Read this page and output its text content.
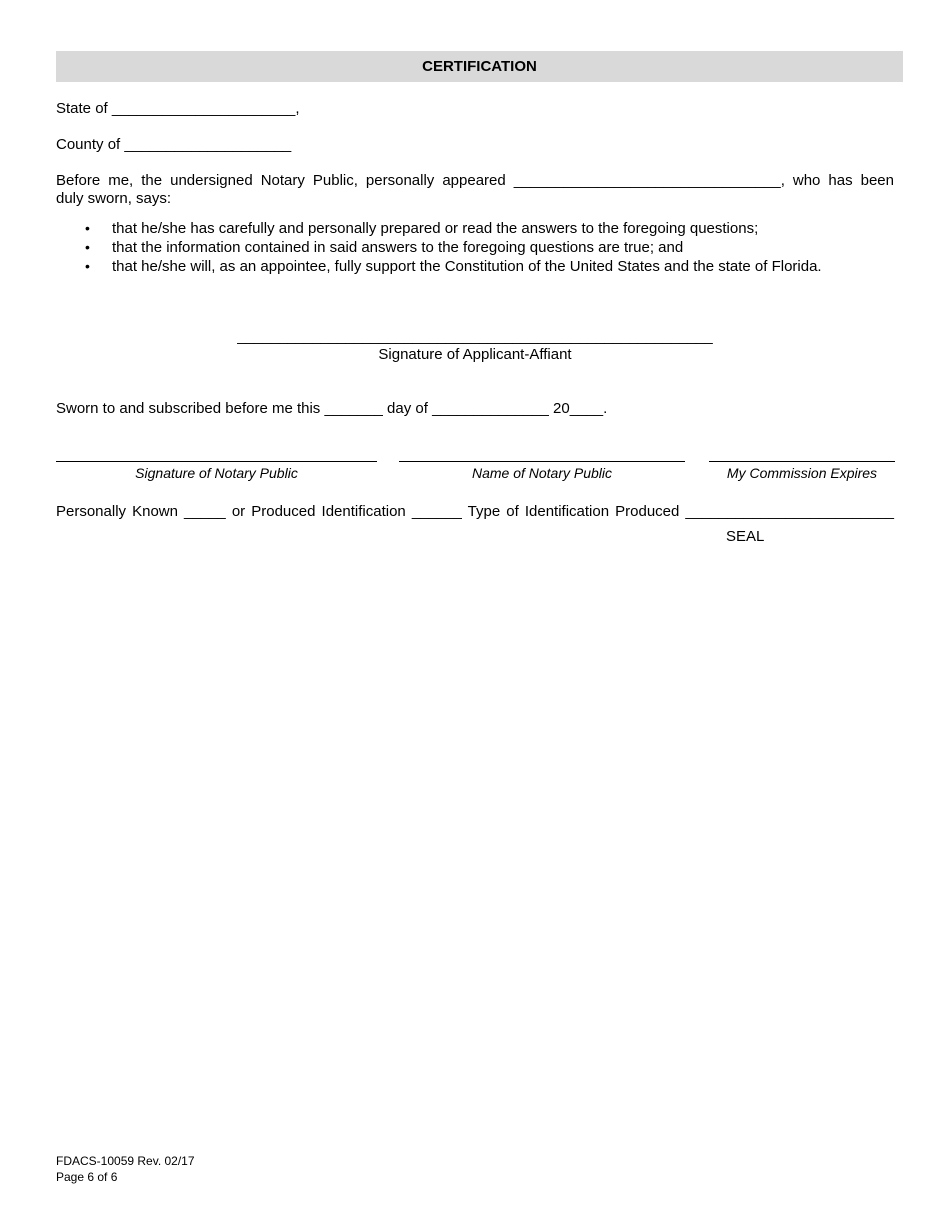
CERTIFICATION
State of ______________________,
County of ____________________
Before me, the undersigned Notary Public, personally appeared ________________________________, who has been
duly sworn, says:
• that he/she has carefully and personally prepared or read the answers to the foregoing questions;
• that the information contained in said answers to the foregoing questions are true; and
• that he/she will, as an appointee, fully support the Constitution of the United States and the state of Florida.
_________________________________________________________
Signature of Applicant-Affiant
Sworn to and subscribed before me this _______ day of ______________ 20____.
Signature of Notary Public	Name of Notary Public	My Commission Expires
Personally Known _____ or Produced Identification ______ Type of Identification Produced _________________________
SEAL
FDACS-10059 Rev. 02/17
Page 6 of 6
